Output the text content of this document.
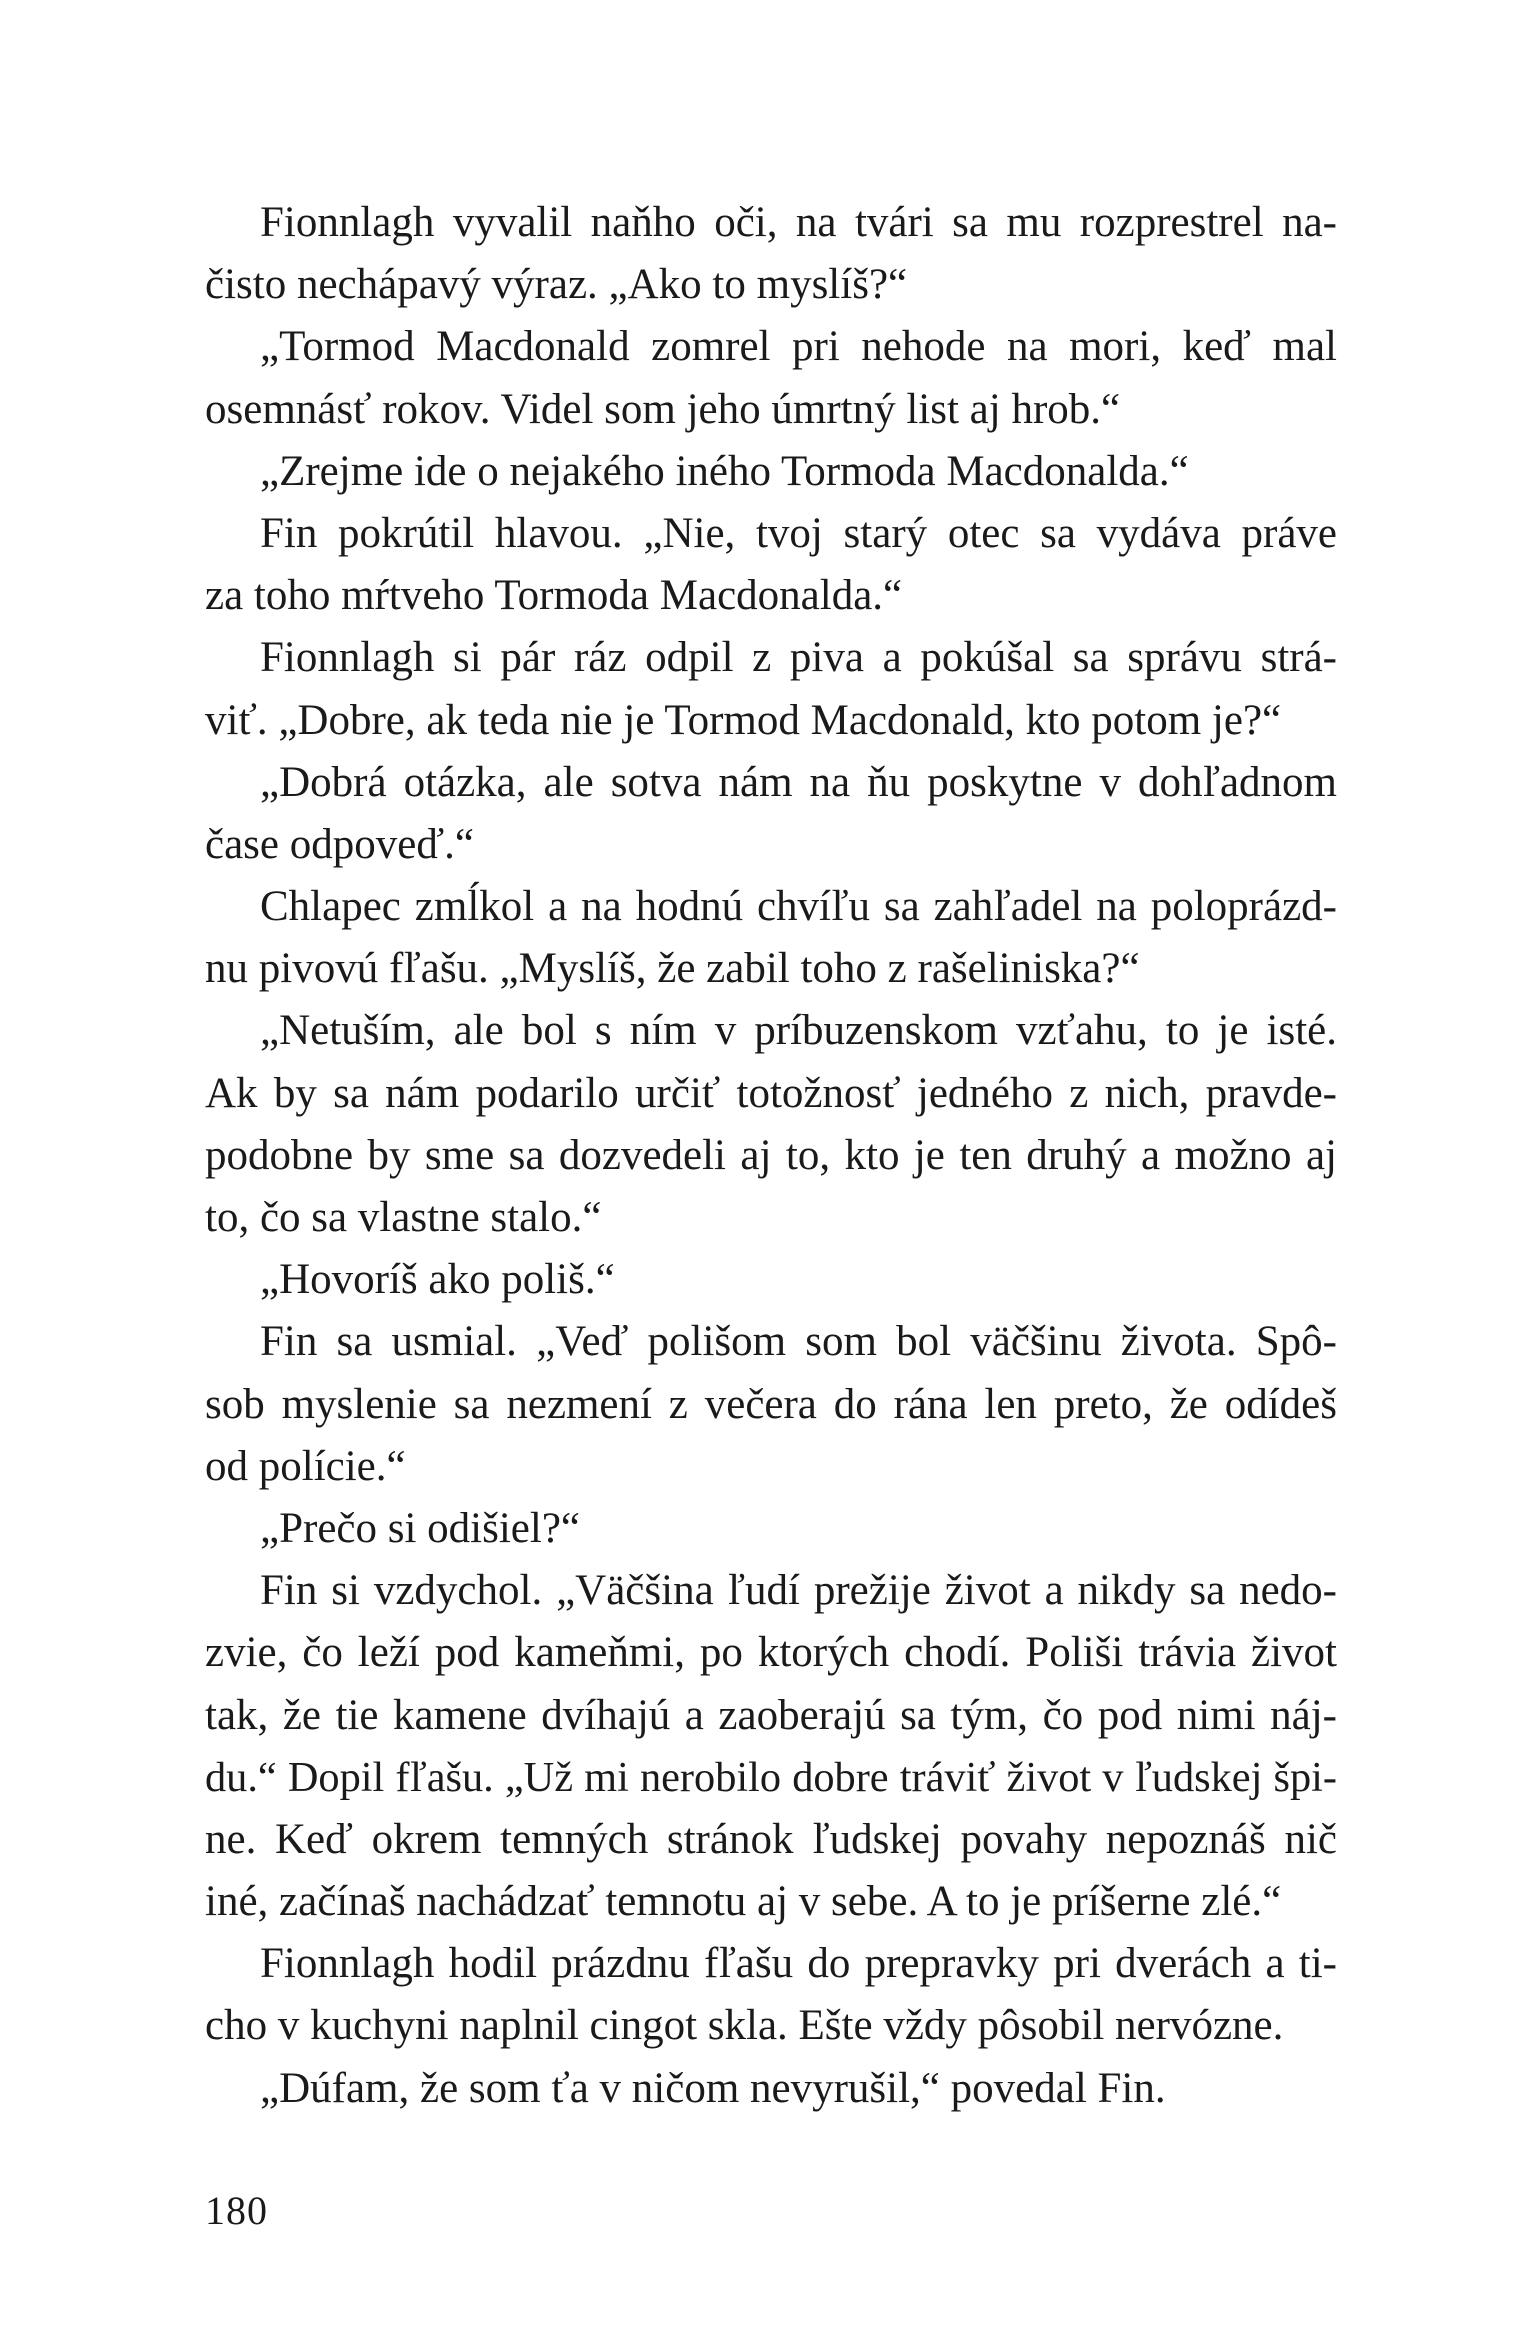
Fionnlagh vyvalil naňho oči, na tvári sa mu rozprestrel na-
čisto nechápavý výraz. „Ako to myslíš?“
„Tormod Macdonald zomrel pri nehode na mori, keď mal
osemnásť rokov. Videl som jeho úmrtný list aj hrob.“
„Zrejme ide o nejakého iného Tormoda Macdonalda.“
Fin pokrútil hlavou. „Nie, tvoj starý otec sa vydáva práve
za toho mŕtveho Tormoda Macdonalda.“
Fionnlagh si pár ráz odpil z piva a pokúšal sa správu strá-
viť. „Dobre, ak teda nie je Tormod Macdonald, kto potom je?“
„Dobrá otázka, ale sotva nám na ňu poskytne v dohľadnom
čase odpoveď.“
Chlapec zmĺkol a na hodnú chvíľu sa zahľadel na poloprázd-
nu pivovú fľašu. „Myslíš, že zabil toho z rašeliniska?“
„Netuším, ale bol s ním v príbuzenskom vzťahu, to je isté.
Ak by sa nám podarilo určiť totožnosť jedného z nich, pravde-
podobne by sme sa dozvedeli aj to, kto je ten druhý a možno aj
to, čo sa vlastne stalo.“
„Hovoríš ako poliš.“
Fin sa usmial. „Veď polišom som bol väčšinu života. Spô-
sob myslenie sa nezmení z večera do rána len preto, že odídeš
od polície.“
„Prečo si odišiel?“
Fin si vzdychol. „Väčšina ľudí prežije život a nikdy sa nedo-
zvie, čo leží pod kameňmi, po ktorých chodí. Poliši trávia život
tak, že tie kamene dvíhajú a zaoberajú sa tým, čo pod nimi náj-
du.“ Dopil fľašu. „Už mi nerobilo dobre tráviť život v ľudskej špi-
ne. Keď okrem temných stránok ľudskej povahy nepoznáš nič
iné, začínaš nachádzať temnotu aj v sebe. A to je príšerne zlé.“
Fionnlagh hodil prázdnu fľašu do prepravky pri dverách a ti-
cho v kuchyni naplnil cingot skla. Ešte vždy pôsobil nervózne.
„Dúfam, že som ťa v ničom nevyrušil,“ povedal Fin.
180
